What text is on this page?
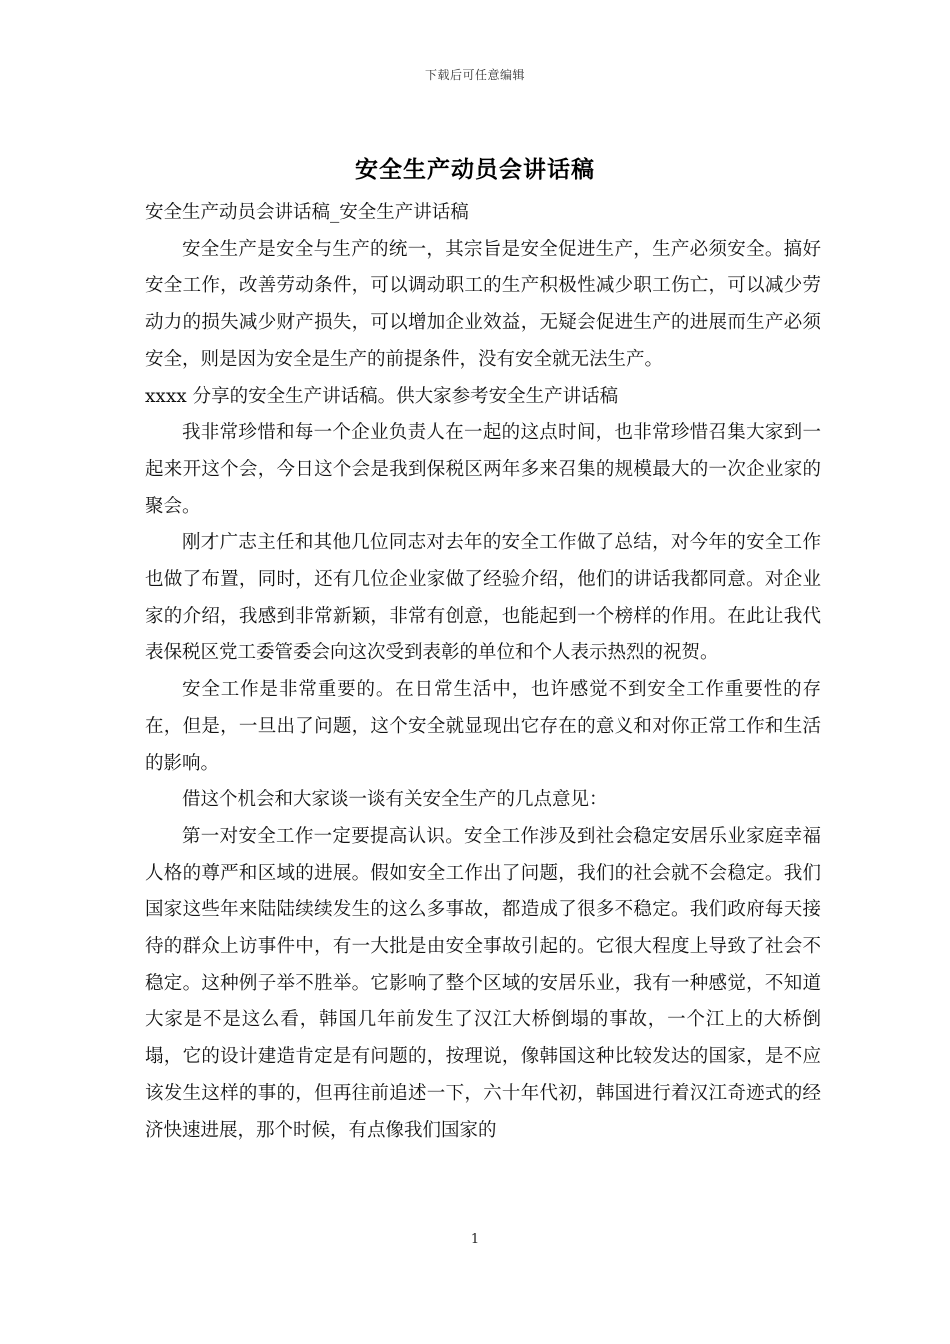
下载后可任意编辑
安全生产动员会讲话稿

安全生产动员会讲话稿_安全生产讲话稿

安全生产是安全与生产的统一，其宗旨是安全促进生产，生产必须安全。搞好安全工作，改善劳动条件，可以调动职工的生产积极性减少职工伤亡，可以减少劳动力的损失减少财产损失，可以增加企业效益，无疑会促进生产的进展而生产必须安全，则是因为安全是生产的前提条件，没有安全就无法生产。

xxxx 分享的安全生产讲话稿。供大家参考安全生产讲话稿

我非常珍惜和每一个企业负责人在一起的这点时间，也非常珍惜召集大家到一起来开这个会，今日这个会是我到保税区两年多来召集的规模最大的一次企业家的聚会。

刚才广志主任和其他几位同志对去年的安全工作做了总结，对今年的安全工作也做了布置，同时，还有几位企业家做了经验介绍，他们的讲话我都同意。对企业家的介绍，我感到非常新颖，非常有创意，也能起到一个榜样的作用。在此让我代表保税区党工委管委会向这次受到表彰的单位和个人表示热烈的祝贺。

安全工作是非常重要的。在日常生活中，也许感觉不到安全工作重要性的存在，但是，一旦出了问题，这个安全就显现出它存在的意义和对你正常工作和生活的影响。

借这个机会和大家谈一谈有关安全生产的几点意见：

第一对安全工作一定要提高认识。安全工作涉及到社会稳定安居乐业家庭幸福人格的尊严和区域的进展。假如安全工作出了问题，我们的社会就不会稳定。我们国家这些年来陆陆续续发生的这么多事故，都造成了很多不稳定。我们政府每天接待的群众上访事件中，有一大批是由安全事故引起的。它很大程度上导致了社会不稳定。这种例子举不胜举。它影响了整个区域的安居乐业，我有一种感觉，不知道大家是不是这么看，韩国几年前发生了汉江大桥倒塌的事故，一个江上的大桥倒塌，它的设计建造肯定是有问题的，按理说，像韩国这种比较发达的国家，是不应该发生这样的事的，但再往前追述一下，六十年代初，韩国进行着汉江奇迹式的经济快速进展，那个时候，有点像我们国家的

1
